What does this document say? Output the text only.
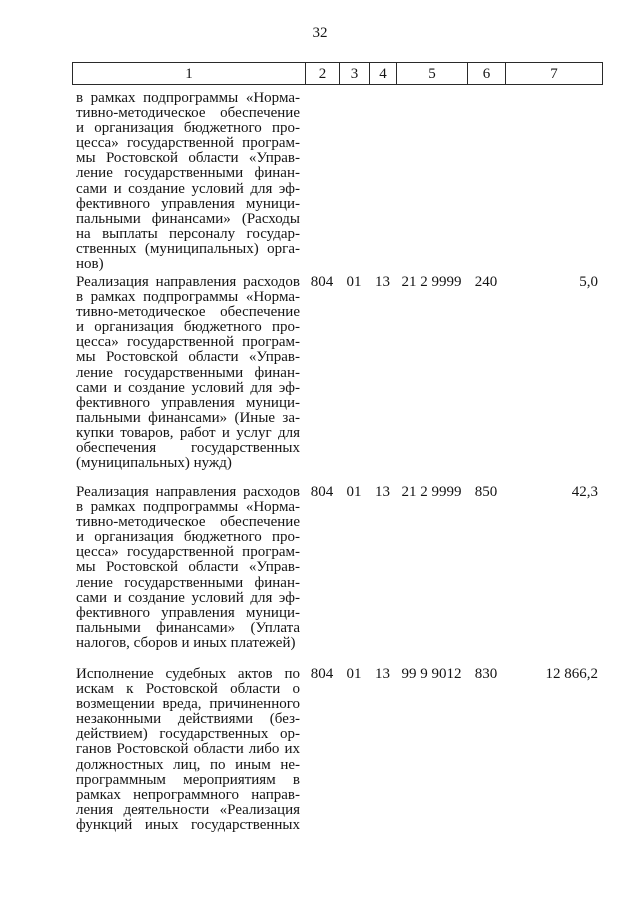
32
1	2	3	4	5	6	7
в рамках подпрограммы «Норма-
тивно-методическое обеспечение
и организация бюджетного про-
цесса» государственной програм-
мы Ростовской области «Управ-
ление государственными финан-
сами и создание условий для эф-
фективного управления муници-
пальными финансами» (Расходы
на выплаты персоналу государ-
ственных (муниципальных) орга-
нов)
Реализация направления расходов
в рамках подпрограммы «Норма-
тивно-методическое обеспечение
и организация бюджетного про-
цесса» государственной програм-
мы Ростовской области «Управ-
ление государственными финан-
сами и создание условий для эф-
фективного управления муници-
пальными финансами» (Иные за-
купки товаров, работ и услуг для
обеспечения государственных
(муниципальных) нужд)
804 01 13 21 2 9999 240	5,0
Реализация направления расходов
в рамках подпрограммы «Норма-
тивно-методическое обеспечение
и организация бюджетного про-
цесса» государственной програм-
мы Ростовской области «Управ-
ление государственными финан-
сами и создание условий для эф-
фективного управления муници-
пальными финансами» (Уплата
налогов, сборов и иных платежей)
804 01 13 21 2 9999 850	42,3
Исполнение судебных актов по
искам к Ростовской области о
возмещении вреда, причиненного
незаконными действиями (без-
действием) государственных ор-
ганов Ростовской области либо их
должностных лиц, по иным не-
программным мероприятиям в
рамках непрограммного направ-
ления деятельности «Реализация
функций иных государственных
804 01 13 99 9 9012 830	12 866,2
